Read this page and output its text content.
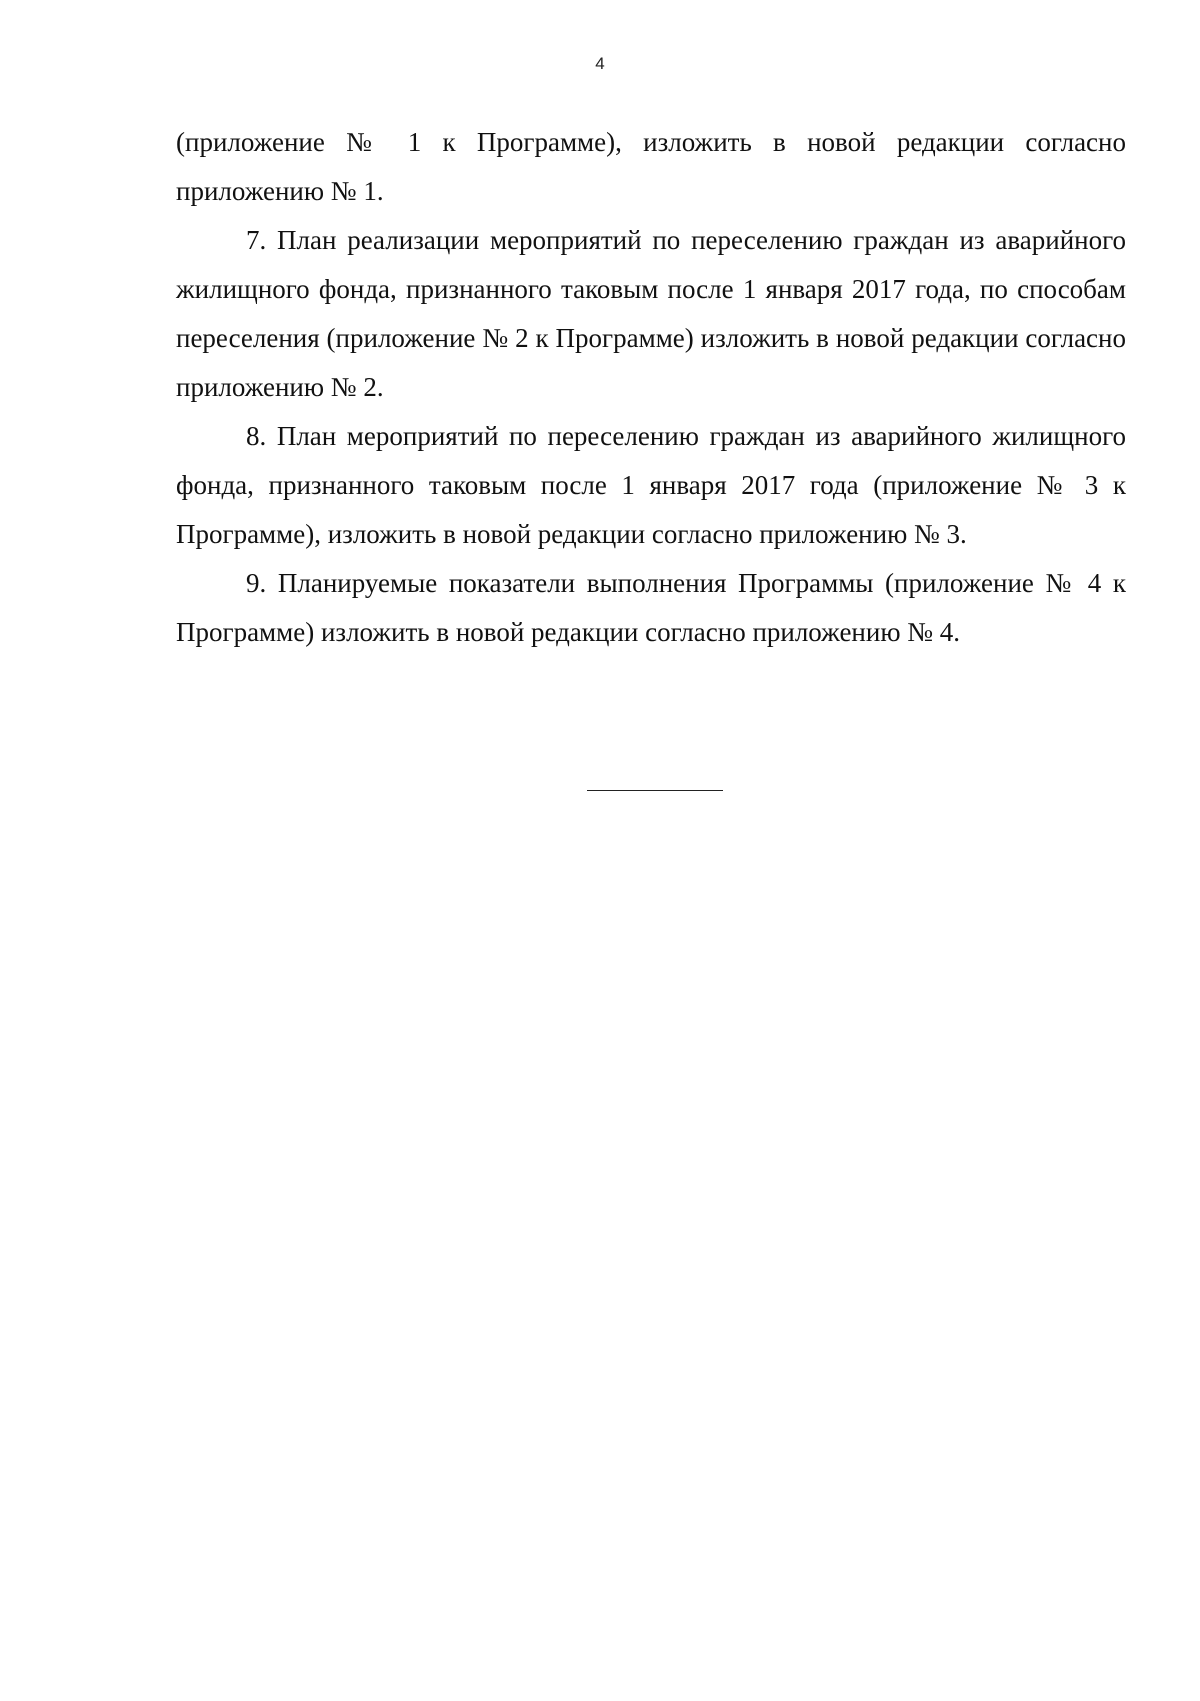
4

(приложение № 1 к Программе), изложить в новой редакции согласно приложению № 1.

7. План реализации мероприятий по переселению граждан из аварийного жилищного фонда, признанного таковым после 1 января 2017 года, по способам переселения (приложение № 2 к Программе) изложить в новой редакции согласно приложению № 2.

8. План мероприятий по переселению граждан из аварийного жилищного фонда, признанного таковым после 1 января 2017 года (приложение № 3 к Программе), изложить в новой редакции согласно приложению № 3.

9. Планируемые показатели выполнения Программы (приложение № 4 к Программе) изложить в новой редакции согласно приложению № 4.
